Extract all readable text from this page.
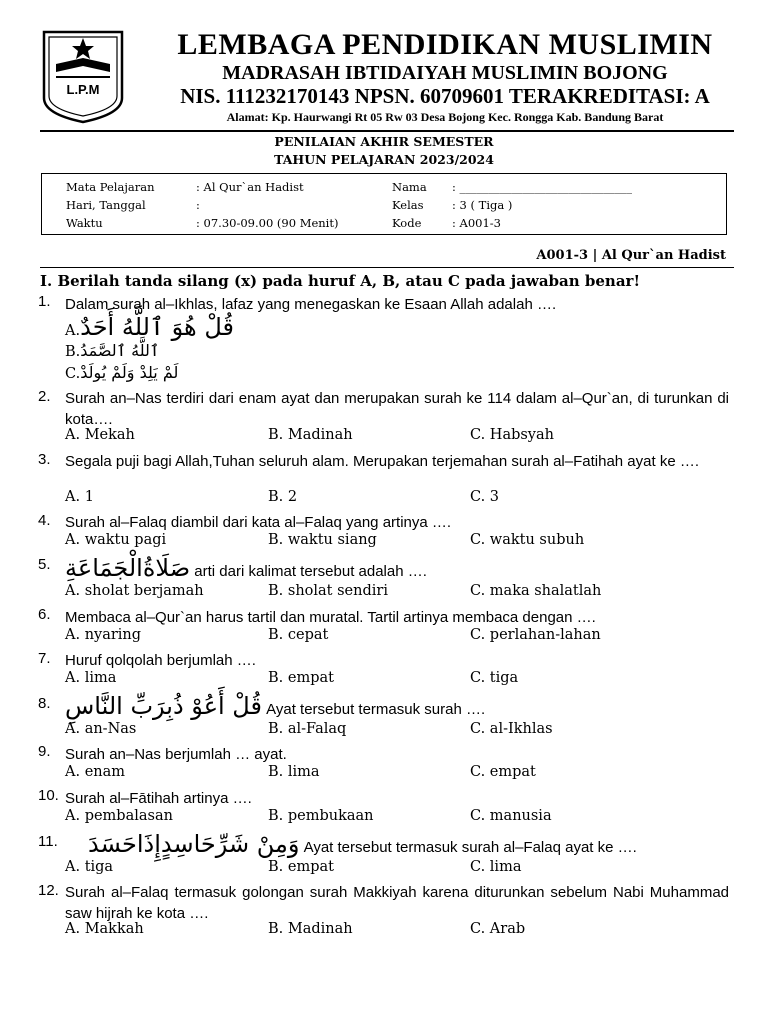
L.P.M
LEMBAGA PENDIDIKAN MUSLIMIN
MADRASAH IBTIDAIYAH MUSLIMIN BOJONG
NIS. 111232170143 NPSN. 60709601 TERAKREDITASI: A
Alamat: Kp. Haurwangi Rt 05 Rw 03 Desa Bojong Kec. Rongga Kab. Bandung Barat
PENILAIAN AKHIR SEMESTER
TAHUN PELAJARAN 2023/2024
Mata Pelajaran	: Al Qur`an Hadist
Hari, Tanggal	:
Waktu	: 07.30-09.00 (90 Menit)
Nama : ______________________________
Kelas : 3 ( Tiga )
Kode	: A001-3
A001-3 | Al Qur`an Hadist
I. Berilah tanda silang (x) pada huruf A, B, atau C pada jawaban benar!
1. Dalam surah al–Ikhlas, lafaz yang menegaskan ke Esaan Allah adalah ….
A.قُلْ هُوَ ٱللَّهُ أَحَدٌ
B.ٱللَّهُ ٱلصَّمَدُ
C.لَمْ يَلِدْ وَلَمْ يُولَدْ
2. Surah an–Nas terdiri dari enam ayat dan merupakan surah ke 114 dalam al–Qur`an, di turunkan di kota….
A. Mekah	B. Madinah	C. Habsyah
3. Segala puji bagi Allah,Tuhan seluruh alam. Merupakan terjemahan surah al–Fatihah ayat ke ….
A. 1	B. 2	C. 3
4. Surah al–Falaq diambil dari kata al–Falaq yang artinya ….
A. waktu pagi	B. waktu siang	C. waktu subuh
5. صَلَاةُالْجَمَاعَةِ arti dari kalimat tersebut adalah ….
A. sholat berjamah	B. sholat sendiri	C. maka shalatlah
6. Membaca al–Qur`an harus tartil dan muratal. Tartil artinya membaca dengan ….
A. nyaring	B. cepat	C. perlahan-lahan
7. Huruf qolqolah berjumlah ….
A. lima	B. empat	C. tiga
8. قُلْ أَعُوْ ذُبِرَبِّ النَّاسِ Ayat tersebut termasuk surah ….
A. an-Nas	B. al-Falaq	C. al-Ikhlas
9. Surah an–Nas berjumlah … ayat.
A. enam	B. lima	C. empat
10. Surah al–Fātihah artinya ….
A. pembalasan	B. pembukaan	C. manusia
11. وَمِنْ شَرِّحَاسِدٍإِذَاحَسَدَ Ayat tersebut termasuk surah al–Falaq ayat ke ….
A. tiga	B. empat	C. lima
12. Surah al–Falaq termasuk golongan surah Makkiyah karena diturunkan sebelum Nabi Muhammad saw hijrah ke kota ….
A. Makkah	B. Madinah	C. Arab
